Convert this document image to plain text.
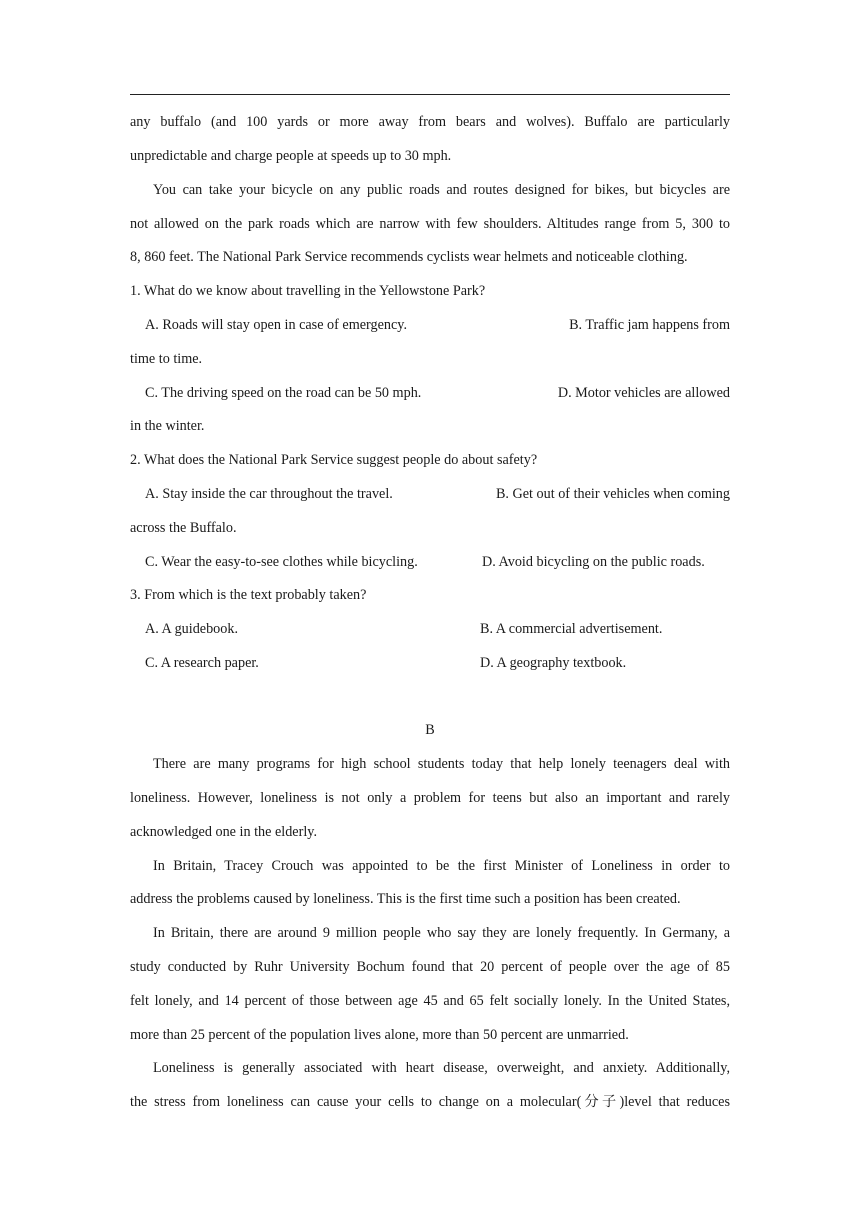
any buffalo (and 100 yards or more away from bears and wolves). Buffalo are particularly
unpredictable and charge people at speeds up to 30 mph.
You can take your bicycle on any public roads and routes designed for bikes, but bicycles are
not allowed on the park roads which are narrow with few shoulders. Altitudes range from 5, 300 to
8, 860 feet. The National Park Service recommends cyclists wear helmets and noticeable clothing.
1. What do we know about travelling in the Yellowstone Park?
A. Roads will stay open in case of emergency.	B. Traffic jam happens from
time to time.
C. The driving speed on the road can be 50 mph.	D. Motor vehicles are allowed
in the winter.
2. What does the National Park Service suggest people do about safety?
A. Stay inside the car throughout the travel.	B. Get out of their vehicles when coming
across the Buffalo.
C. Wear the easy-to-see clothes while bicycling.	D. Avoid bicycling on the public roads.
3. From which is the text probably taken?
A. A guidebook.	B. A commercial advertisement.
C. A research paper.	D. A geography textbook.
B
There are many programs for high school students today that help lonely teenagers deal with
loneliness. However, loneliness is not only a problem for teens but also an important and rarely
acknowledged one in the elderly.
In Britain, Tracey Crouch was appointed to be the first Minister of Loneliness in order to
address the problems caused by loneliness. This is the first time such a position has been created.
In Britain, there are around 9 million people who say they are lonely frequently. In Germany, a
study conducted by Ruhr University Bochum found that 20 percent of people over the age of 85
felt lonely, and 14 percent of those between age 45 and 65 felt socially lonely. In the United States,
more than 25 percent of the population lives alone, more than 50 percent are unmarried.
Loneliness is generally associated with heart disease, overweight, and anxiety. Additionally,
the stress from loneliness can cause your cells to change on a molecular(分子)level that reduces
